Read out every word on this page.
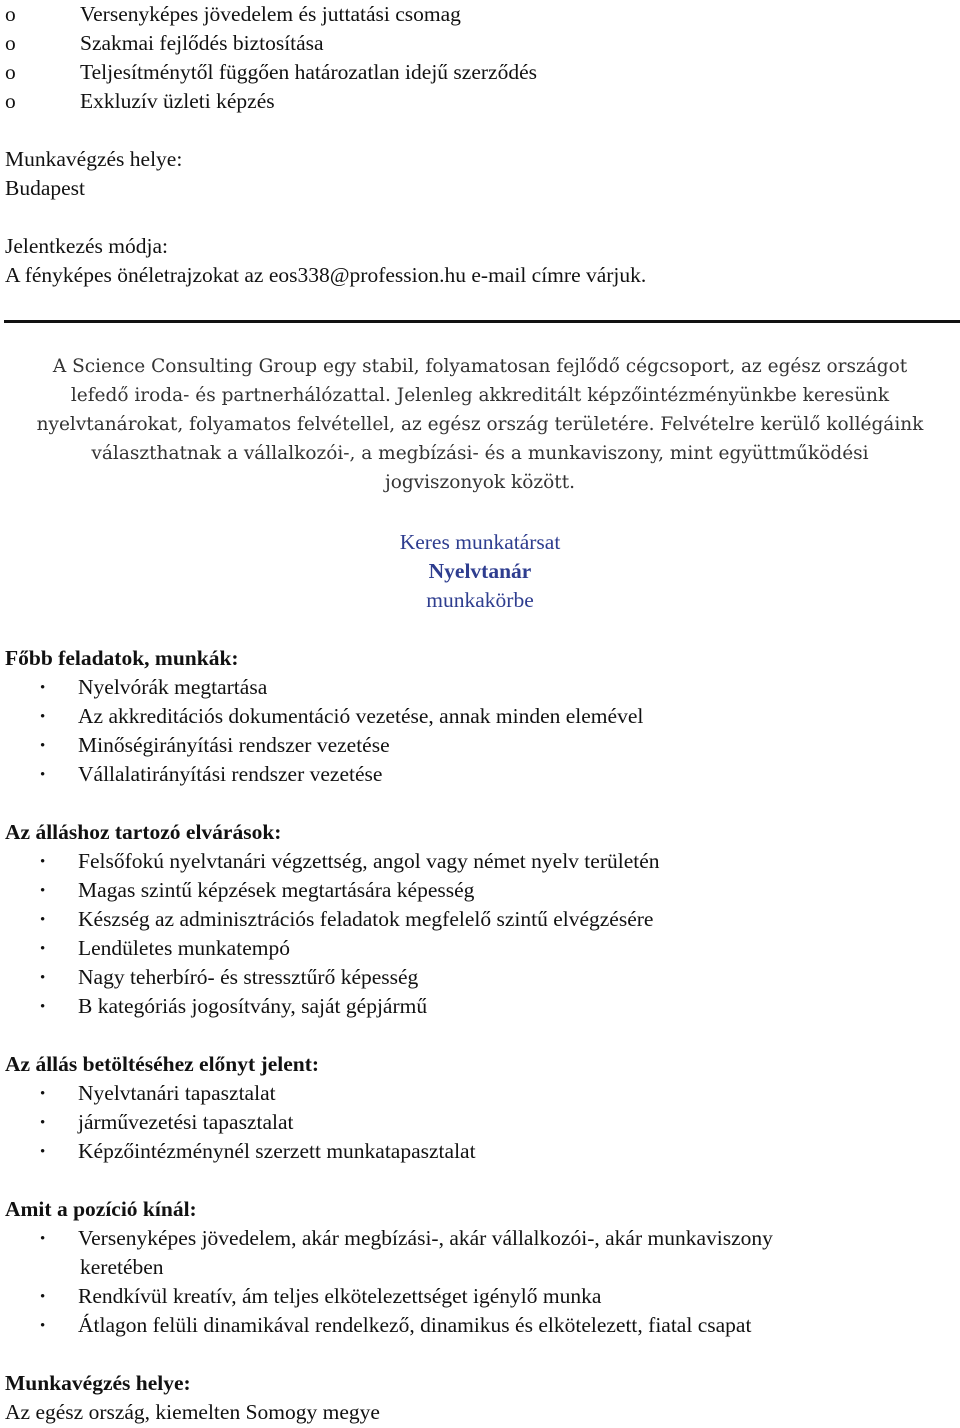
o	Versenyképes jövedelem és juttatási csomag
o	Szakmai fejlődés biztosítása
o	Teljesítménytől függően határozatlan idejű szerződés
o	Exkluzív üzleti képzés
Munkavégzés helye:
Budapest
Jelentkezés módja:
A fényképes önéletrajzokat az eos338@profession.hu e-mail címre várjuk.
A Science Consulting Group egy stabil, folyamatosan fejlődő cégcsoport, az egész országot
lefedő iroda- és partnerhálózattal. Jelenleg akkreditált képzőintézményünkbe keresünk
nyelvtanárokat, folyamatos felvétellel, az egész ország területére. Felvételre kerülő kollégáink
választhatnak a vállalkozói-, a megbízási- és a munkaviszony, mint együttműködési
jogviszonyok között.
Keres munkatársat
Nyelvtanár
munkakörbe
Főbb feladatok, munkák:
• Nyelvórák megtartása
• Az akkreditációs dokumentáció vezetése, annak minden elemével
• Minőségirányítási rendszer vezetése
• Vállalatirányítási rendszer vezetése
Az álláshoz tartozó elvárások:
• Felsőfokú nyelvtanári végzettség, angol vagy német nyelv területén
• Magas szintű képzések megtartására képesség
• Készség az adminisztrációs feladatok megfelelő szintű elvégzésére
• Lendületes munkatempó
• Nagy teherbíró- és stressztűrő képesség
• B kategóriás jogosítvány, saját gépjármű
Az állás betöltéséhez előnyt jelent:
• Nyelvtanári tapasztalat
• járművezetési tapasztalat
• Képzőintézménynél szerzett munkatapasztalat
Amit a pozíció kínál:
• Versenyképes jövedelem, akár megbízási-, akár vállalkozói-, akár munkaviszony
keretében
• Rendkívül kreatív, ám teljes elkötelezettséget igénylő munka
• Átlagon felüli dinamikával rendelkező, dinamikus és elkötelezett, fiatal csapat
Munkavégzés helye:
Az egész ország, kiemelten Somogy megye
